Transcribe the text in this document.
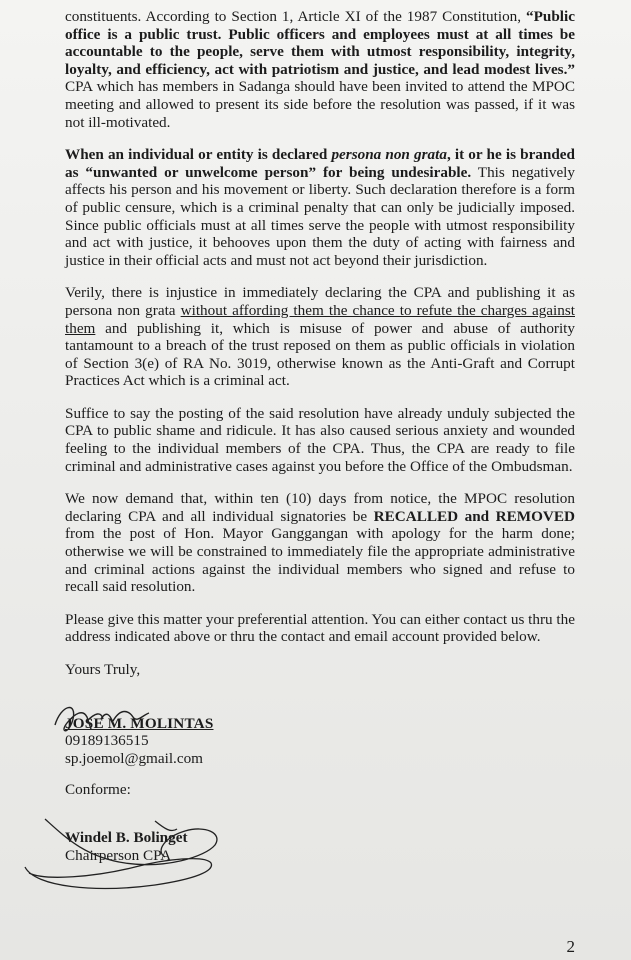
constituents. According to Section 1, Article XI of the 1987 Constitution, “Public office is a public trust. Public officers and employees must at all times be accountable to the people, serve them with utmost responsibility, integrity, loyalty, and efficiency, act with patriotism and justice, and lead modest lives.” CPA which has members in Sadanga should have been invited to attend the MPOC meeting and allowed to present its side before the resolution was passed, if it was not ill-motivated.

When an individual or entity is declared persona non grata, it or he is branded as “unwanted or unwelcome person” for being undesirable. This negatively affects his person and his movement or liberty. Such declaration therefore is a form of public censure, which is a criminal penalty that can only be judicially imposed. Since public officials must at all times serve the people with utmost responsibility and act with justice, it behooves upon them the duty of acting with fairness and justice in their official acts and must not act beyond their jurisdiction.

Verily, there is injustice in immediately declaring the CPA and publishing it as persona non grata without affording them the chance to refute the charges against them and publishing it, which is misuse of power and abuse of authority tantamount to a breach of the trust reposed on them as public officials in violation of Section 3(e) of RA No. 3019, otherwise known as the Anti-Graft and Corrupt Practices Act which is a criminal act.

Suffice to say the posting of the said resolution have already unduly subjected the CPA to public shame and ridicule. It has also caused serious anxiety and wounded feeling to the individual members of the CPA. Thus, the CPA are ready to file criminal and administrative cases against you before the Office of the Ombudsman.

We now demand that, within ten (10) days from notice, the MPOC resolution declaring CPA and all individual signatories be RECALLED and REMOVED from the post of Hon. Mayor Ganggangan with apology for the harm done; otherwise we will be constrained to immediately file the appropriate administrative and criminal actions against the individual members who signed and refuse to recall said resolution.

Please give this matter your preferential attention. You can either contact us thru the address indicated above or thru the contact and email account provided below.

Yours Truly,
JOSE M. MOLINTAS
09189136515
sp.joemol@gmail.com
Conforme:
Windel B. Bolinget
Chairperson CPA
2
